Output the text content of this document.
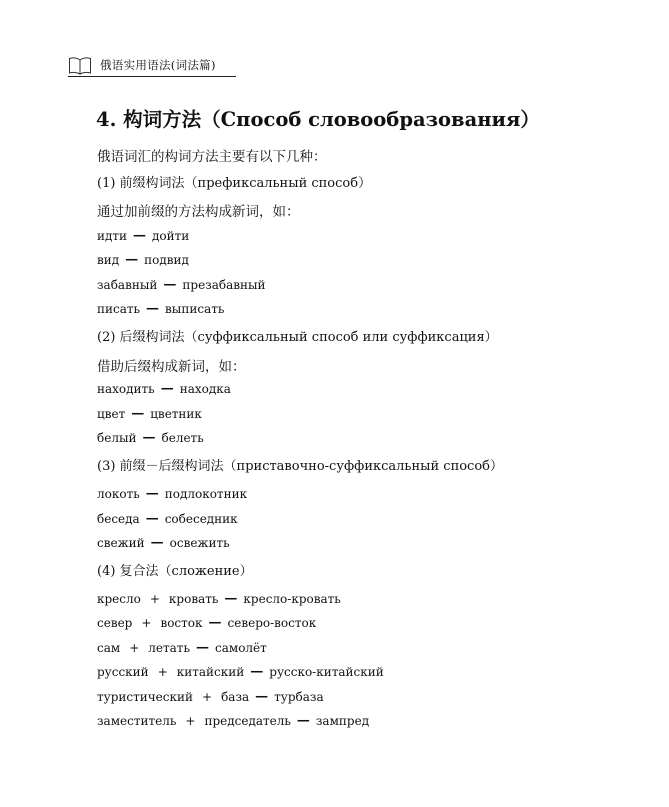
俄语实用语法(词法篇)
4. 构词方法（Способ словообразования）
俄语词汇的构词方法主要有以下几种：
(1) 前缀构词法（префиксальный способ）
通过加前缀的方法构成新词，如：
идти — дойти
вид — подвид
забавный — презабавный
писать — выписать
(2) 后缀构词法（суффиксальный способ или суффиксация）
借助后缀构成新词，如：
находить — находка
цвет — цветник
белый — белеть
(3) 前缀－后缀构词法（приставочно-суффиксальный способ）
локоть — подлокотник
беседа — собеседник
свежий — освежить
(4) 复合法（сложение）
кресло + кровать — кресло-кровать
север + восток — северо-восток
сам + летать — самолёт
русский + китайский — русско-китайский
туристический + база — турбаза
заместитель + председатель — зампред
